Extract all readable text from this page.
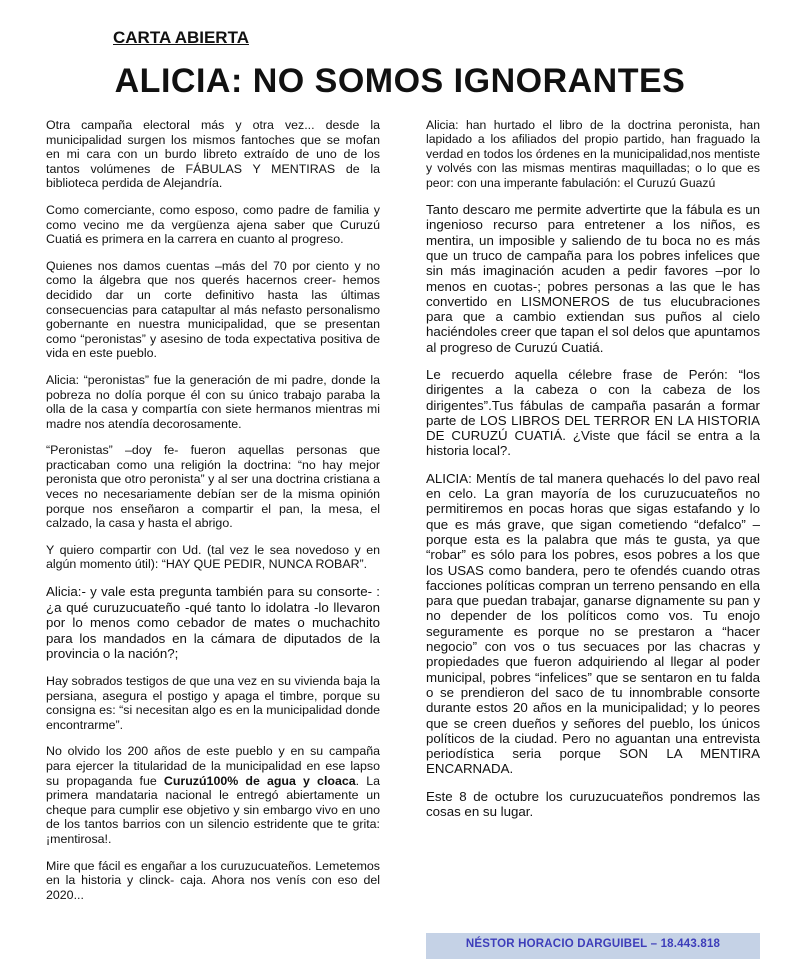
CARTA ABIERTA
ALICIA: NO SOMOS IGNORANTES

Otra campaña electoral más y otra vez... desde la municipalidad surgen los mismos fantoches que se mofan en mi cara con un burdo libreto extraído de uno de los tantos volúmenes de FÁBULAS Y MENTIRAS de la biblioteca perdida de Alejandría.

Como comerciante, como esposo, como padre de familia y como vecino me da vergüenza ajena saber que Curuzú Cuatiá es primera en la carrera en cuanto al progreso.

Quienes nos damos cuentas –más del 70 por ciento y no como la álgebra que nos querés hacernos creer- hemos decidido dar un corte definitivo hasta las últimas consecuencias para catapultar al más nefasto personalismo gobernante en nuestra municipalidad, que se presentan como “peronistas” y asesino de toda expectativa positiva de vida en este pueblo.

Alicia: “peronistas” fue la generación de mi padre, donde la pobreza no dolía porque él con su único trabajo paraba la olla de la casa y compartía con siete hermanos mientras mi madre nos atendía decorosamente.

“Peronistas” –doy fe- fueron aquellas personas que practicaban como una religión la doctrina: “no hay mejor peronista que otro peronista” y al ser una doctrina cristiana a veces no necesariamente debían ser de la misma opinión porque nos enseñaron a compartir el pan, la mesa, el calzado, la casa y hasta el abrigo.

Y quiero compartir con Ud. (tal vez le sea novedoso y en algún momento útil): “HAY QUE PEDIR, NUNCA ROBAR”.

Alicia:- y vale esta pregunta también para su consorte- : ¿a qué curuzucuateño -qué tanto lo idolatra -lo llevaron por lo menos como cebador de mates o muchachito para los mandados en la cámara de diputados de la provincia o la nación?;

Hay sobrados testigos de que una vez en su vivienda baja la persiana, asegura el postigo y apaga el timbre, porque su consigna es: “si necesitan algo es en la municipalidad donde encontrarme”.

No olvido los 200 años de este pueblo y en su campaña para ejercer la titularidad de la municipalidad en ese lapso su propaganda fue Curuzú100% de agua y cloaca. La primera mandataria nacional le entregó abiertamente un cheque para cumplir ese objetivo y sin embargo vivo en uno de los tantos barrios con un silencio estridente que te grita: ¡mentirosa!.

Mire que fácil es engañar a los curuzucuateños. Lemetemos en la historia y clinck- caja. Ahora nos venís con eso del 2020...

Alicia: han hurtado el libro de la doctrina peronista, han lapidado a los afiliados del propio partido, han fraguado la verdad en todos los órdenes en la municipalidad,nos mentiste y volvés con las mismas mentiras maquilladas; o lo que es peor: con una imperante fabulación: el Curuzú Guazú

Tanto descaro me permite advertirte que la fábula es un ingenioso recurso para entretener a los niños, es mentira, un imposible y saliendo de tu boca no es más que un truco de campaña para los pobres infelices que sin más imaginación acuden a pedir favores –por lo menos en cuotas-; pobres personas a las que le has convertido en LISMONEROS de tus elucubraciones para que a cambio extiendan sus puños al cielo haciéndoles creer que tapan el sol delos que apuntamos al progreso de Curuzú Cuatiá.

Le recuerdo aquella célebre frase de Perón: “los dirigentes a la cabeza o con la cabeza de los dirigentes”.Tus fábulas de campaña pasarán a formar parte de LOS LIBROS DEL TERROR EN LA HISTORIA DE CURUZÚ CUATIÁ. ¿Viste que fácil se entra a la historia local?.

ALICIA: Mentís de tal manera quehacés lo del pavo real en celo. La gran mayoría de los curuzucuateños no permitiremos en pocas horas que sigas estafando y lo que es más grave, que sigan cometiendo “defalco” – porque esta es la palabra que más te gusta, ya que “robar” es sólo para los pobres, esos pobres a los que los USAS como bandera, pero te ofendés cuando otras facciones políticas compran un terreno pensando en ella para que puedan trabajar, ganarse dignamente su pan y no depender de los políticos como vos. Tu enojo seguramente es porque no se prestaron a “hacer negocio” con vos o tus secuaces por las chacras y propiedades que fueron adquiriendo al llegar al poder municipal, pobres “infelices” que se sentaron en tu falda o se prendieron del saco de tu innombrable consorte durante estos 20 años en la municipalidad; y lo peores que se creen dueños y señores del pueblo, los únicos políticos de la ciudad. Pero no aguantan una entrevista periodística seria porque SON LA MENTIRA ENCARNADA.

Este 8 de octubre los curuzucuateños pondremos las cosas en su lugar.

NÉSTOR HORACIO DARGUIBEL – 18.443.818
